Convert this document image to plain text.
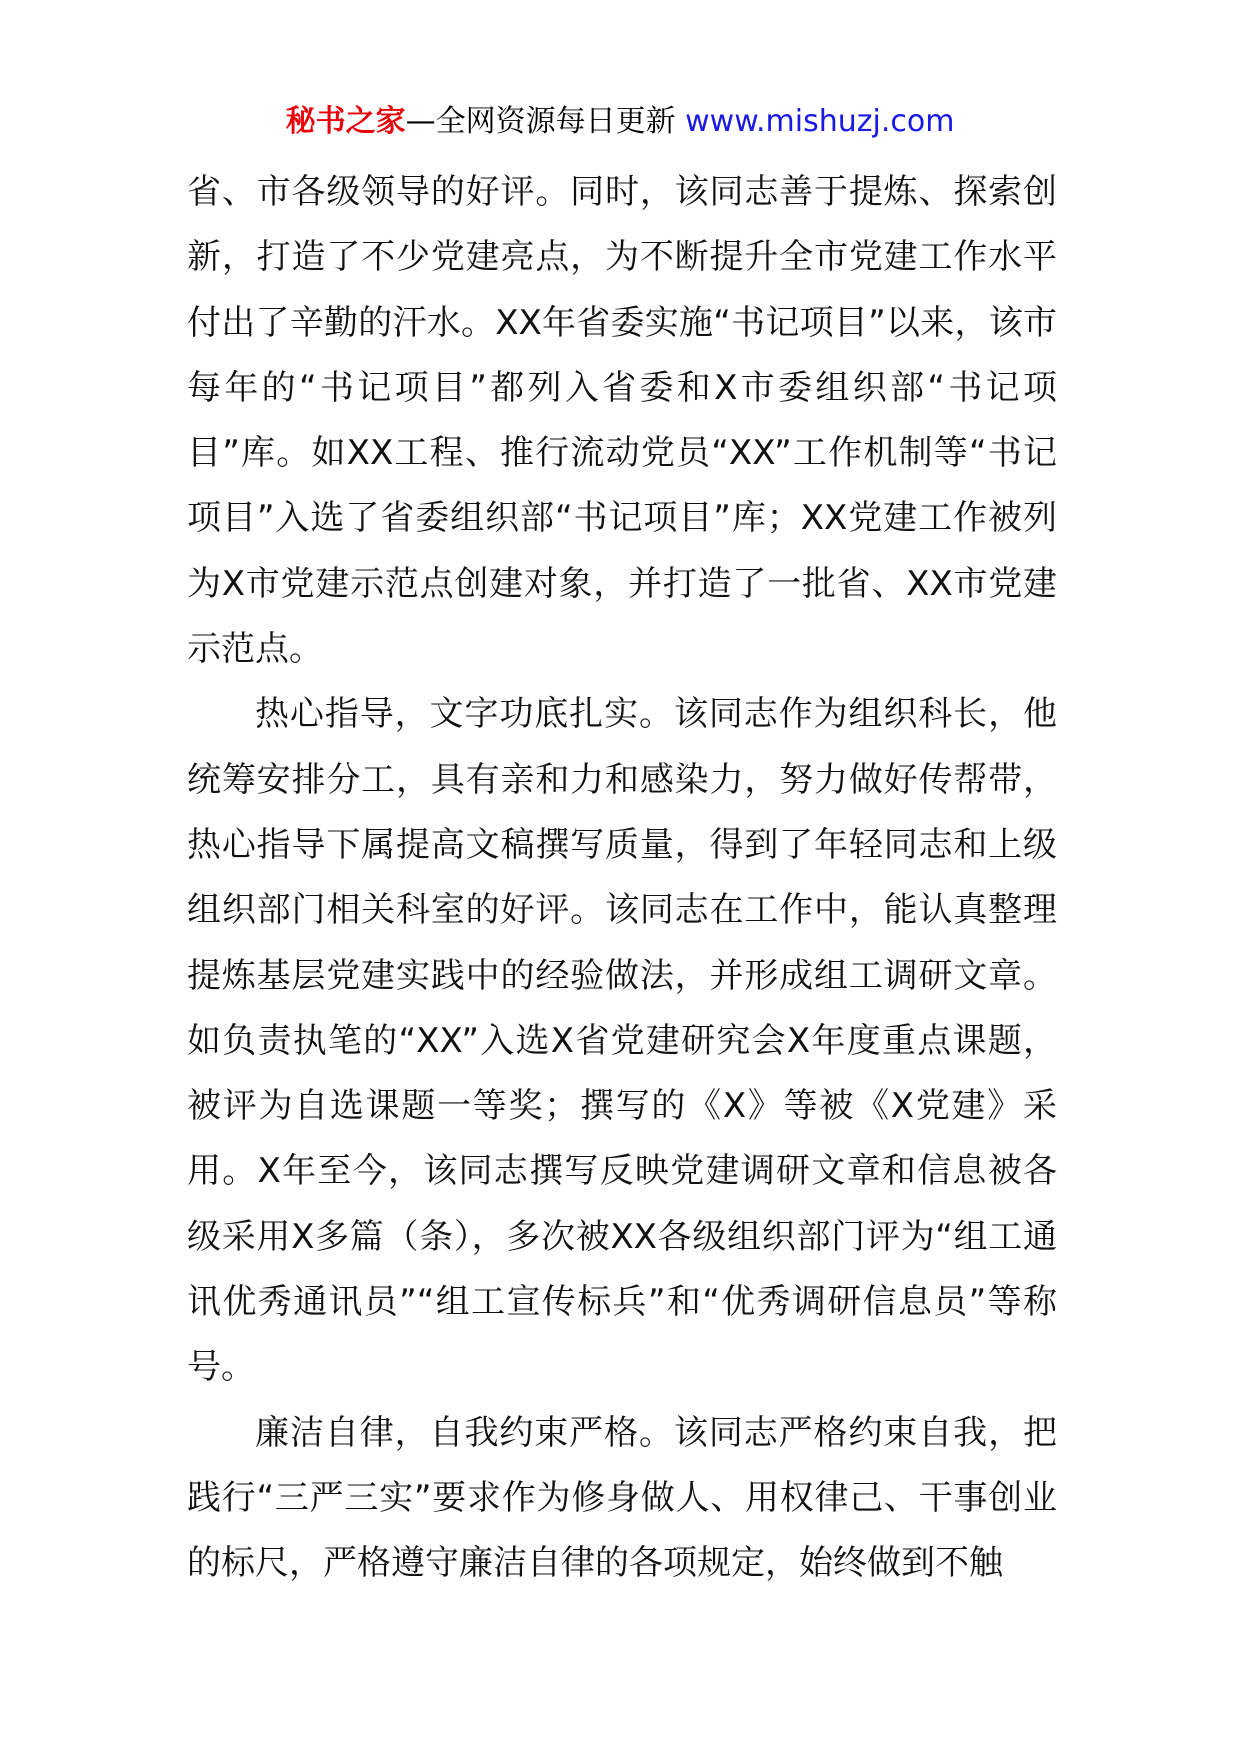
秘书之家—全网资源每日更新 www.mishuzj.com

省、市各级领导的好评。同时，该同志善于提炼、探索创新，打造了不少党建亮点，为不断提升全市党建工作水平付出了辛勤的汗水。XX年省委实施“书记项目”以来，该市每年的“书记项目”都列入省委和X市委组织部“书记项目”库。如XX工程、推行流动党员“XX”工作机制等“书记项目”入选了省委组织部“书记项目”库；XX党建工作被列为X市党建示范点创建对象，并打造了一批省、XX市党建示范点。

热心指导，文字功底扎实。该同志作为组织科长，他统筹安排分工，具有亲和力和感染力，努力做好传帮带，热心指导下属提高文稿撰写质量，得到了年轻同志和上级组织部门相关科室的好评。该同志在工作中，能认真整理提炼基层党建实践中的经验做法，并形成组工调研文章。如负责执笔的“XX”入选X省党建研究会X年度重点课题，被评为自选课题一等奖；撰写的《X》等被《X党建》采用。X年至今，该同志撰写反映党建调研文章和信息被各级采用X多篇（条），多次被XX各级组织部门评为“组工通讯优秀通讯员”“组工宣传标兵”和“优秀调研信息员”等称号。

廉洁自律，自我约束严格。该同志严格约束自我，把践行“三严三实”要求作为修身做人、用权律己、干事创业的标尺，严格遵守廉洁自律的各项规定，始终做到不触
